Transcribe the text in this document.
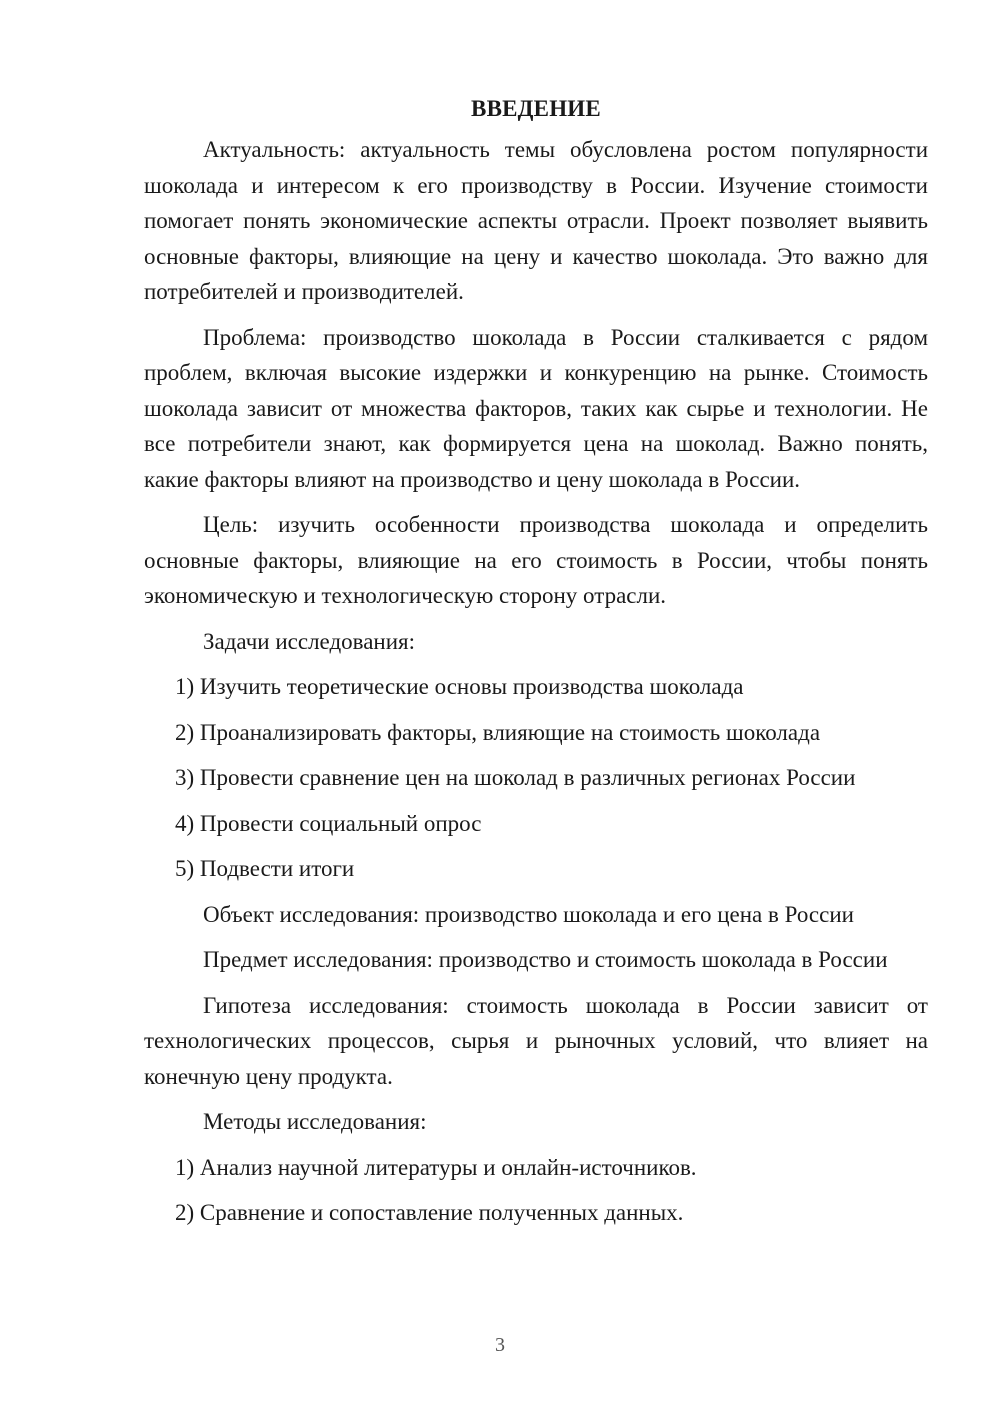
ВВЕДЕНИЕ

Актуальность: актуальность темы обусловлена ростом популярности шоколада и интересом к его производству в России. Изучение стоимости помогает понять экономические аспекты отрасли. Проект позволяет выявить основные факторы, влияющие на цену и качество шоколада. Это важно для потребителей и производителей.

Проблема: производство шоколада в России сталкивается с рядом проблем, включая высокие издержки и конкуренцию на рынке. Стоимость шоколада зависит от множества факторов, таких как сырье и технологии. Не все потребители знают, как формируется цена на шоколад. Важно понять, какие факторы влияют на производство и цену шоколада в России.

Цель: изучить особенности производства шоколада и определить основные факторы, влияющие на его стоимость в России, чтобы понять экономическую и технологическую сторону отрасли.

Задачи исследования:

1) Изучить теоретические основы производства шоколада
2) Проанализировать факторы, влияющие на стоимость шоколада
3) Провести сравнение цен на шоколад в различных регионах России
4) Провести социальный опрос
5) Подвести итоги

Объект исследования: производство шоколада и его цена в России

Предмет исследования: производство и стоимость шоколада в России

Гипотеза исследования: стоимость шоколада в России зависит от технологических процессов, сырья и рыночных условий, что влияет на конечную цену продукта.

Методы исследования:

1) Анализ научной литературы и онлайн-источников.
2) Сравнение и сопоставление полученных данных.
3
